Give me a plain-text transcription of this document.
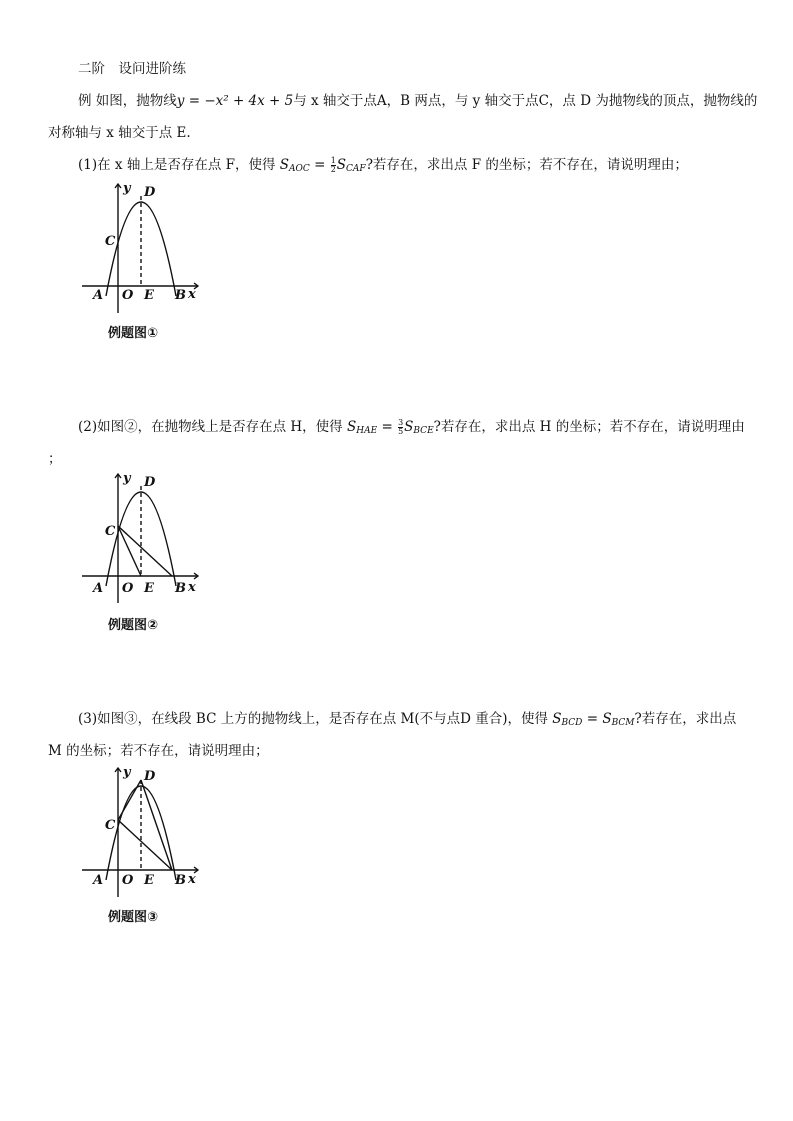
二阶　设问进阶练
例 如图，抛物线y = −x² + 4x + 5与 x 轴交于点A，B 两点，与 y 轴交于点C，点 D 为抛物线的顶点，抛物线的
对称轴与 x 轴交于点 E.
(1)在 x 轴上是否存在点 F，使得 $S_{AOC} = \frac{1}{2} S_{CAF}$?若存在，求出点 F 的坐标；若不存在，请说明理由；
y D
C
A O E B x
例题图①
(2)如图②，在抛物线上是否存在点 H，使得 $S_{HAE} = \frac{3}{5} S_{BCE}$?若存在，求出点 H 的坐标；若不存在，请说明理由
；
y D
C
A O E B x
例题图②
(3)如图③，在线段 BC 上方的抛物线上，是否存在点 M(不与点D 重合)，使得 $S_{BCD} = S_{BCM}$?若存在，求出点
M 的坐标；若不存在，请说明理由；
y D
C
A O E B x
例题图③
